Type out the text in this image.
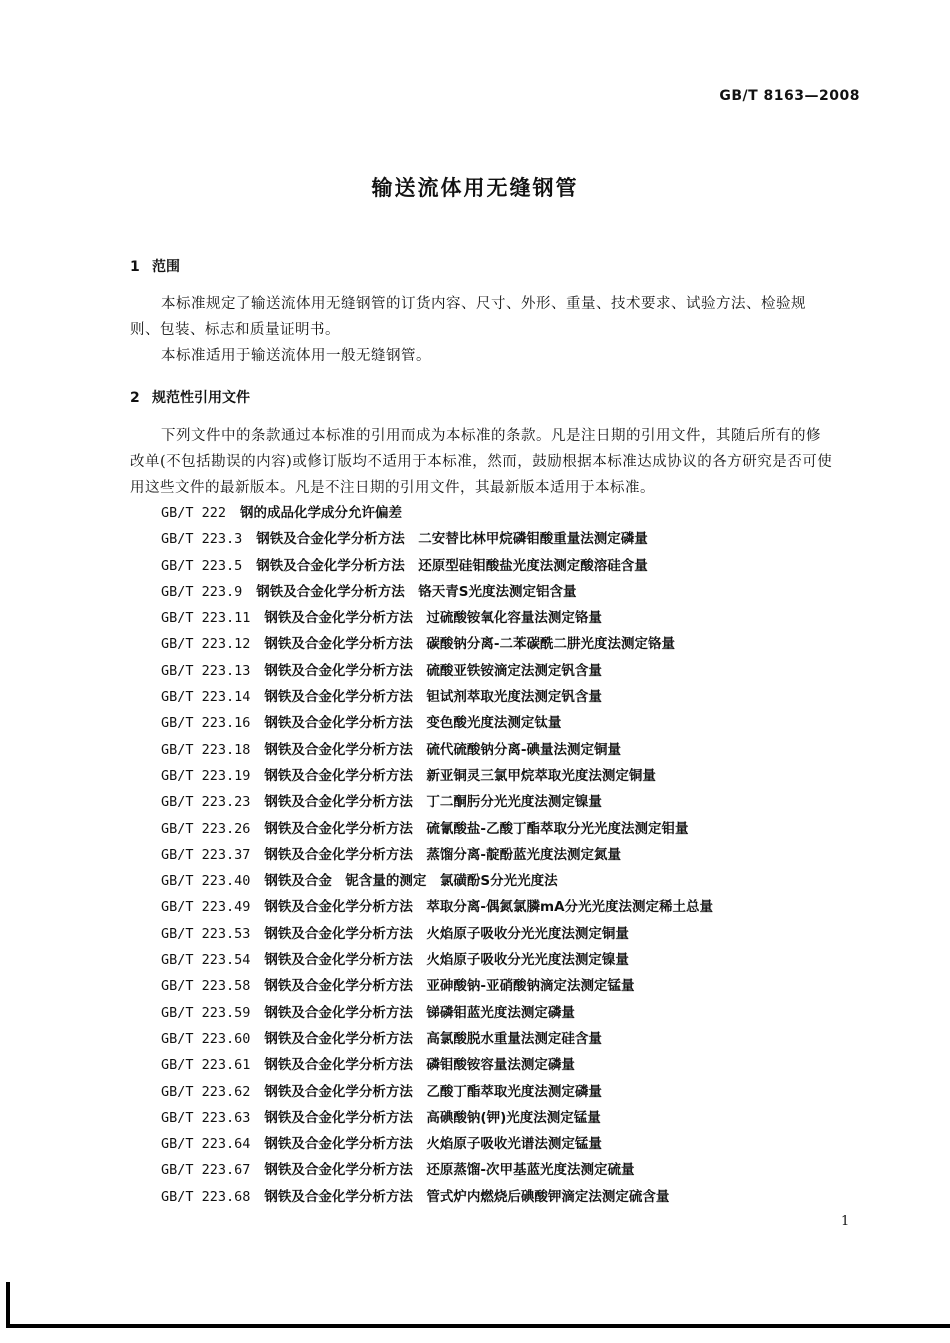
GB/T 8163—2008
输送流体用无缝钢管
1 范围
本标准规定了输送流体用无缝钢管的订货内容、尺寸、外形、重量、技术要求、试验方法、检验规则、包装、标志和质量证明书。
本标准适用于输送流体用一般无缝钢管。
2 规范性引用文件
下列文件中的条款通过本标准的引用而成为本标准的条款。凡是注日期的引用文件，其随后所有的修改单(不包括勘误的内容)或修订版均不适用于本标准，然而，鼓励根据本标准达成协议的各方研究是否可使用这些文件的最新版本。凡是不注日期的引用文件，其最新版本适用于本标准。
GB/T 222 钢的成品化学成分允许偏差
GB/T 223.3 钢铁及合金化学分析方法　二安替比林甲烷磷钼酸重量法测定磷量
GB/T 223.5 钢铁及合金化学分析方法　还原型硅钼酸盐光度法测定酸溶硅含量
GB/T 223.9 钢铁及合金化学分析方法　铬天青S光度法测定铝含量
GB/T 223.11 钢铁及合金化学分析方法　过硫酸铵氧化容量法测定铬量
GB/T 223.12 钢铁及合金化学分析方法　碳酸钠分离-二苯碳酰二肼光度法测定铬量
GB/T 223.13 钢铁及合金化学分析方法　硫酸亚铁铵滴定法测定钒含量
GB/T 223.14 钢铁及合金化学分析方法　钽试剂萃取光度法测定钒含量
GB/T 223.16 钢铁及合金化学分析方法　变色酸光度法测定钛量
GB/T 223.18 钢铁及合金化学分析方法　硫代硫酸钠分离-碘量法测定铜量
GB/T 223.19 钢铁及合金化学分析方法　新亚铜灵三氯甲烷萃取光度法测定铜量
GB/T 223.23 钢铁及合金化学分析方法　丁二酮肟分光光度法测定镍量
GB/T 223.26 钢铁及合金化学分析方法　硫氰酸盐-乙酸丁酯萃取分光光度法测定钼量
GB/T 223.37 钢铁及合金化学分析方法　蒸馏分离-靛酚蓝光度法测定氮量
GB/T 223.40 钢铁及合金　铌含量的测定　氯磺酚S分光光度法
GB/T 223.49 钢铁及合金化学分析方法　萃取分离-偶氮氯膦mA分光光度法测定稀土总量
GB/T 223.53 钢铁及合金化学分析方法　火焰原子吸收分光光度法测定铜量
GB/T 223.54 钢铁及合金化学分析方法　火焰原子吸收分光光度法测定镍量
GB/T 223.58 钢铁及合金化学分析方法　亚砷酸钠-亚硝酸钠滴定法测定锰量
GB/T 223.59 钢铁及合金化学分析方法　锑磷钼蓝光度法测定磷量
GB/T 223.60 钢铁及合金化学分析方法　高氯酸脱水重量法测定硅含量
GB/T 223.61 钢铁及合金化学分析方法　磷钼酸铵容量法测定磷量
GB/T 223.62 钢铁及合金化学分析方法　乙酸丁酯萃取光度法测定磷量
GB/T 223.63 钢铁及合金化学分析方法　高碘酸钠(钾)光度法测定锰量
GB/T 223.64 钢铁及合金化学分析方法　火焰原子吸收光谱法测定锰量
GB/T 223.67 钢铁及合金化学分析方法　还原蒸馏-次甲基蓝光度法测定硫量
GB/T 223.68 钢铁及合金化学分析方法　管式炉内燃烧后碘酸钾滴定法测定硫含量
1
